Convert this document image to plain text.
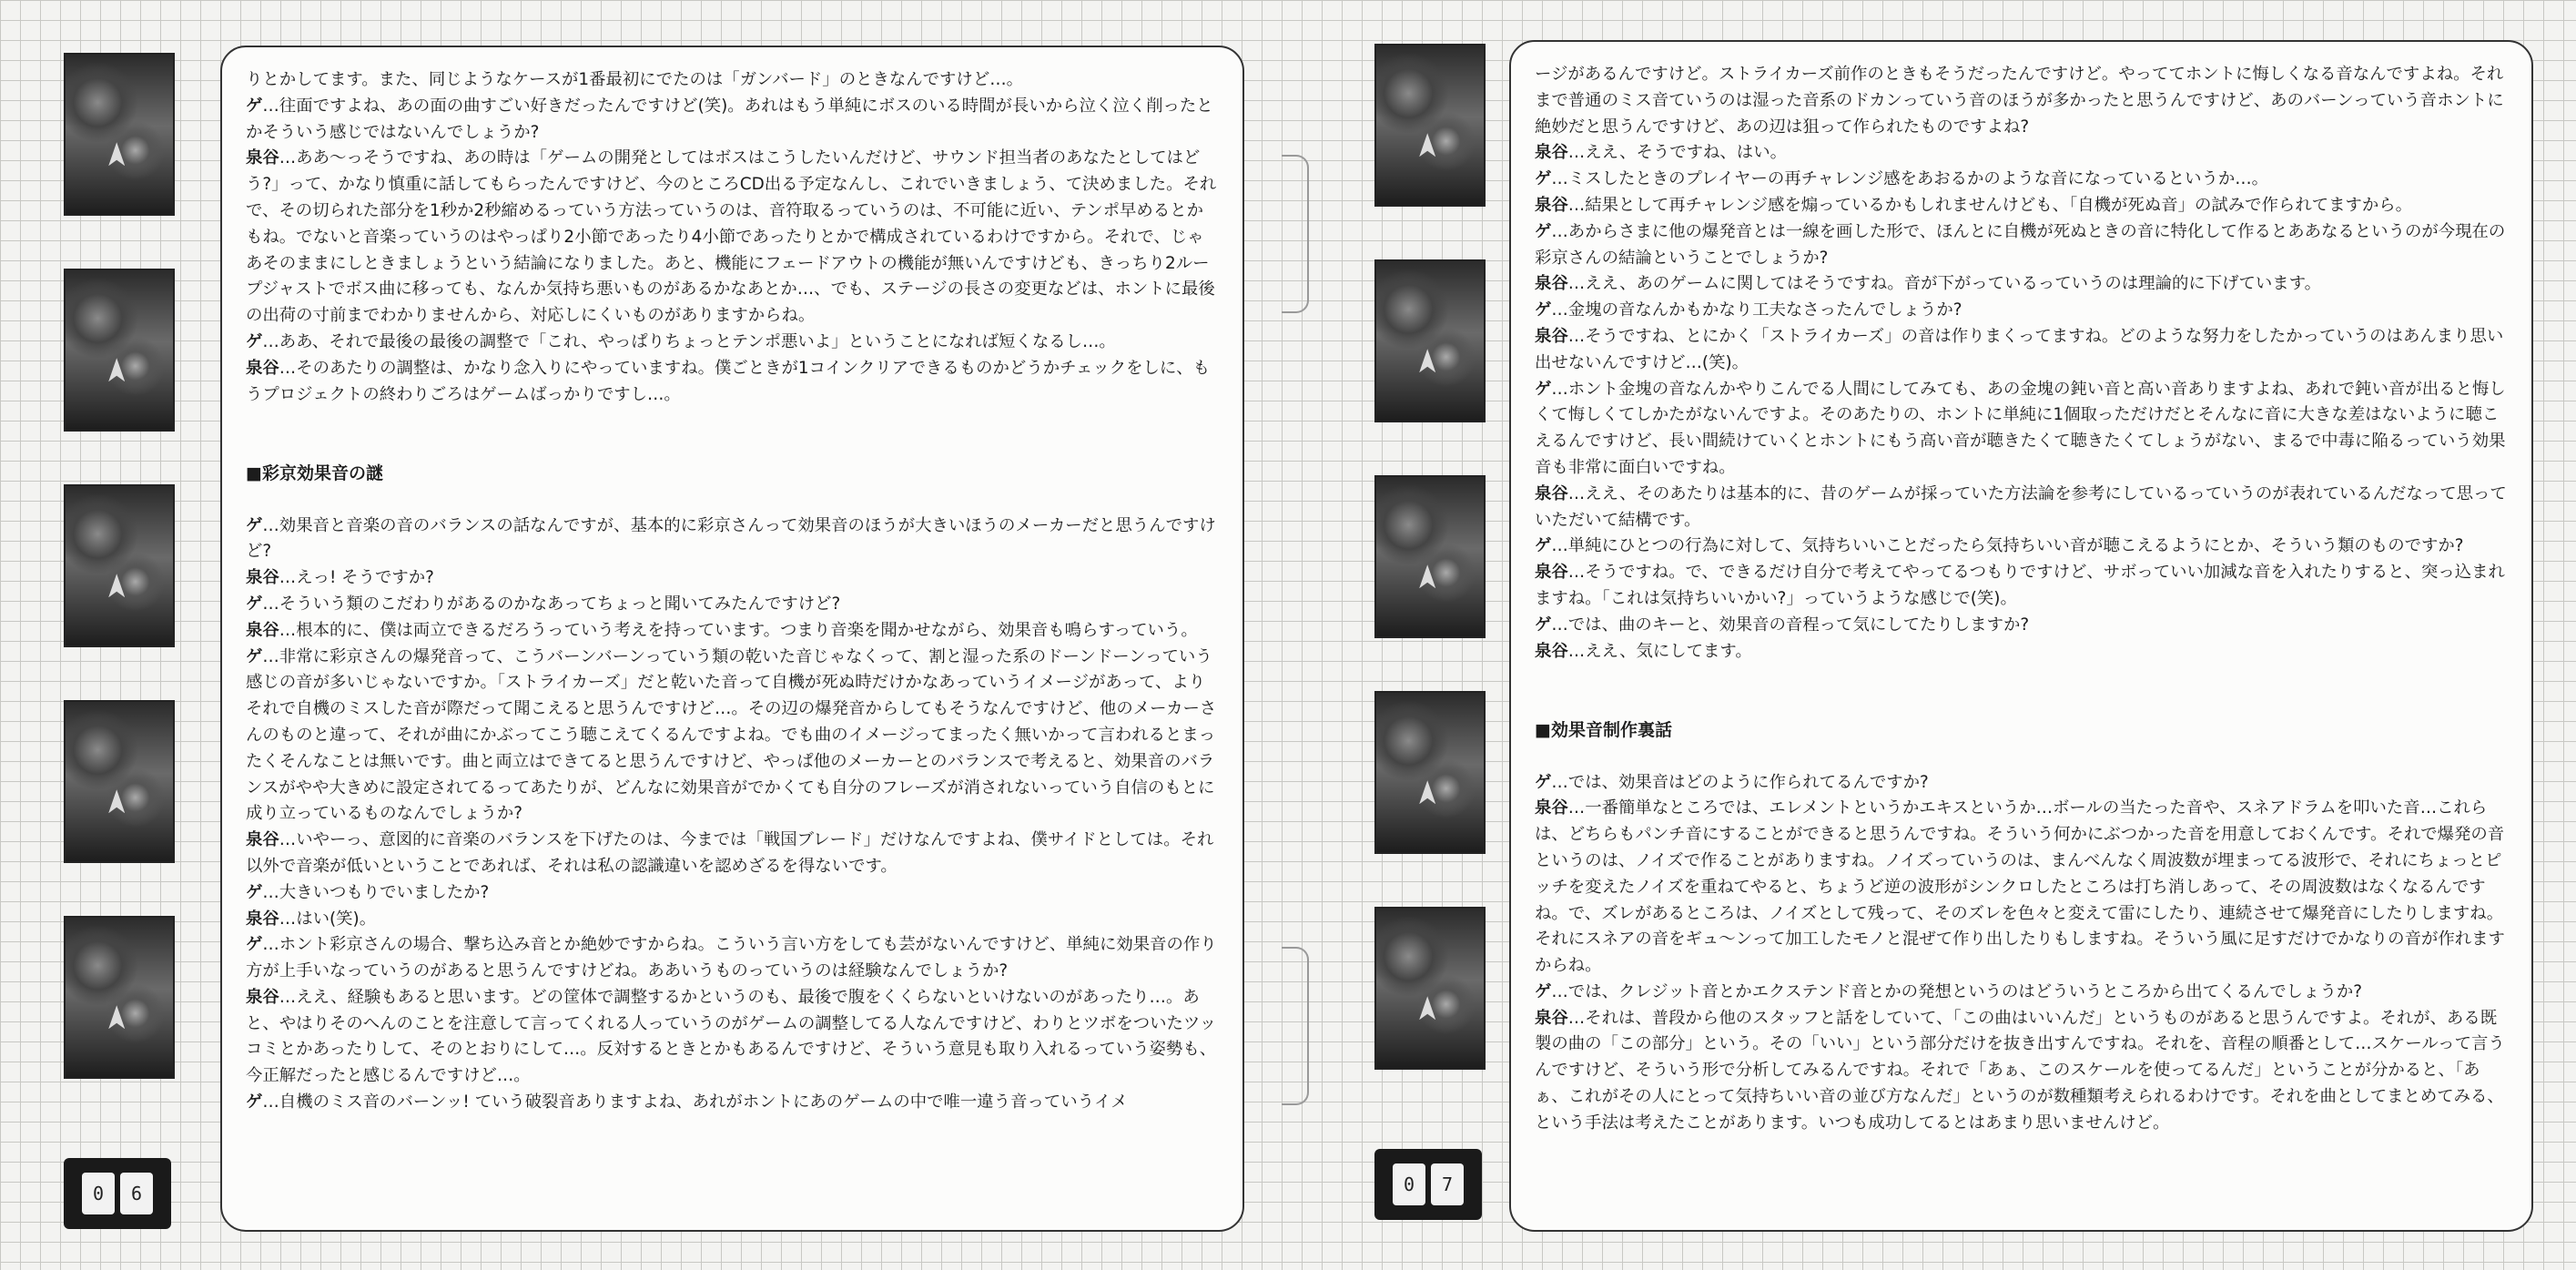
0	6

りとかしてます。また、同じようなケースが1番最初にでたのは「ガンバード」のときなんですけど…。

ゲ…往面ですよね、あの面の曲すごい好きだったんですけど(笑)。あれはもう単純にボスのいる時間が長いから泣く泣く削ったとかそういう感じではないんでしょうか?

泉谷…ああ～っそうですね、あの時は「ゲームの開発としてはボスはこうしたいんだけど、サウンド担当者のあなたとしてはどう?」って、かなり慎重に話してもらったんですけど、今のところCD出る予定なんし、これでいきましょう、て決めました。それで、その切られた部分を1秒か2秒縮めるっていう方法っていうのは、音符取るっていうのは、不可能に近い、テンポ早めるとかもね。でないと音楽っていうのはやっぱり2小節であったり4小節であったりとかで構成されているわけですから。それで、じゃあそのままにしときましょうという結論になりました。あと、機能にフェードアウトの機能が無いんですけども、きっちり2ループジャストでボス曲に移っても、なんか気持ち悪いものがあるかなあとか…、でも、ステージの長さの変更などは、ホントに最後の出荷の寸前までわかりませんから、対応しにくいものがありますからね。

ゲ…ああ、それで最後の最後の調整で「これ、やっぱりちょっとテンポ悪いよ」ということになれば短くなるし…。

泉谷…そのあたりの調整は、かなり念入りにやっていますね。僕ごときが1コインクリアできるものかどうかチェックをしに、もうプロジェクトの終わりごろはゲームばっかりですし…。

■彩京効果音の謎

ゲ…効果音と音楽の音のバランスの話なんですが、基本的に彩京さんって効果音のほうが大きいほうのメーカーだと思うんですけど?

泉谷…えっ! そうですか?

ゲ…そういう類のこだわりがあるのかなあってちょっと聞いてみたんですけど?

泉谷…根本的に、僕は両立できるだろうっていう考えを持っています。つまり音楽を聞かせながら、効果音も鳴らすっていう。

ゲ…非常に彩京さんの爆発音って、こうバーンバーンっていう類の乾いた音じゃなくって、割と湿った系のドーンドーンっていう感じの音が多いじゃないですか。「ストライカーズ」だと乾いた音って自機が死ぬ時だけかなあっていうイメージがあって、よりそれで自機のミスした音が際だって聞こえると思うんですけど…。その辺の爆発音からしてもそうなんですけど、他のメーカーさんのものと違って、それが曲にかぶってこう聴こえてくるんですよね。でも曲のイメージってまったく無いかって言われるとまったくそんなことは無いです。曲と両立はできてると思うんですけど、やっぱ他のメーカーとのバランスで考えると、効果音のバランスがやや大きめに設定されてるってあたりが、どんなに効果音がでかくても自分のフレーズが消されないっていう自信のもとに成り立っているものなんでしょうか?

泉谷…いやーっ、意図的に音楽のバランスを下げたのは、今までは「戦国ブレード」だけなんですよね、僕サイドとしては。それ以外で音楽が低いということであれば、それは私の認識違いを認めざるを得ないです。

ゲ…大きいつもりでいましたか?

泉谷…はい(笑)。

ゲ…ホント彩京さんの場合、撃ち込み音とか絶妙ですからね。こういう言い方をしても芸がないんですけど、単純に効果音の作り方が上手いなっていうのがあると思うんですけどね。ああいうものっていうのは経験なんでしょうか?

泉谷…ええ、経験もあると思います。どの筐体で調整するかというのも、最後で腹をくくらないといけないのがあったり…。あと、やはりそのへんのことを注意して言ってくれる人っていうのがゲームの調整してる人なんですけど、わりとツボをついたツッコミとかあったりして、そのとおりにして…。反対するときとかもあるんですけど、そういう意見も取り入れるっていう姿勢も、今正解だったと感じるんですけど…。

ゲ…自機のミス音のバーンッ! ていう破裂音ありますよね、あれがホントにあのゲームの中で唯一違う音っていうイメ

0	7

ージがあるんですけど。ストライカーズ前作のときもそうだったんですけど。やっててホントに悔しくなる音なんですよね。それまで普通のミス音ていうのは湿った音系のドカンっていう音のほうが多かったと思うんですけど、あのバーンっていう音ホントに絶妙だと思うんですけど、あの辺は狙って作られたものですよね?

泉谷…ええ、そうですね、はい。

ゲ…ミスしたときのプレイヤーの再チャレンジ感をあおるかのような音になっているというか…。

泉谷…結果として再チャレンジ感を煽っているかもしれませんけども、「自機が死ぬ音」の試みで作られてますから。

ゲ…あからさまに他の爆発音とは一線を画した形で、ほんとに自機が死ぬときの音に特化して作るとああなるというのが今現在の彩京さんの結論ということでしょうか?

泉谷…ええ、あのゲームに関してはそうですね。音が下がっているっていうのは理論的に下げています。

ゲ…金塊の音なんかもかなり工夫なさったんでしょうか?

泉谷…そうですね、とにかく「ストライカーズ」の音は作りまくってますね。どのような努力をしたかっていうのはあんまり思い出せないんですけど…(笑)。

ゲ…ホント金塊の音なんかやりこんでる人間にしてみても、あの金塊の鈍い音と高い音ありますよね、あれで鈍い音が出ると悔しくて悔しくてしかたがないんですよ。そのあたりの、ホントに単純に1個取っただけだとそんなに音に大きな差はないように聴こえるんですけど、長い間続けていくとホントにもう高い音が聴きたくて聴きたくてしょうがない、まるで中毒に陥るっていう効果音も非常に面白いですね。

泉谷…ええ、そのあたりは基本的に、昔のゲームが採っていた方法論を参考にしているっていうのが表れているんだなって思っていただいて結構です。

ゲ…単純にひとつの行為に対して、気持ちいいことだったら気持ちいい音が聴こえるようにとか、そういう類のものですか?

泉谷…そうですね。で、できるだけ自分で考えてやってるつもりですけど、サボっていい加減な音を入れたりすると、突っ込まれますね。「これは気持ちいいかい?」っていうような感じで(笑)。

ゲ…では、曲のキーと、効果音の音程って気にしてたりしますか?

泉谷…ええ、気にしてます。

■効果音制作裏話

ゲ…では、効果音はどのように作られてるんですか?

泉谷…一番簡単なところでは、エレメントというかエキスというか…ボールの当たった音や、スネアドラムを叩いた音…これらは、どちらもパンチ音にすることができると思うんですね。そういう何かにぶつかった音を用意しておくんです。それで爆発の音というのは、ノイズで作ることがありますね。ノイズっていうのは、まんべんなく周波数が埋まってる波形で、それにちょっとピッチを変えたノイズを重ねてやると、ちょうど逆の波形がシンクロしたところは打ち消しあって、その周波数はなくなるんですね。で、ズレがあるところは、ノイズとして残って、そのズレを色々と変えて雷にしたり、連続させて爆発音にしたりしますね。それにスネアの音をギュ～ンって加工したモノと混ぜて作り出したりもしますね。そういう風に足すだけでかなりの音が作れますからね。

ゲ…では、クレジット音とかエクステンド音とかの発想というのはどういうところから出てくるんでしょうか?

泉谷…それは、普段から他のスタッフと話をしていて、「この曲はいいんだ」というものがあると思うんですよ。それが、ある既製の曲の「この部分」という。その「いい」という部分だけを抜き出すんですね。それを、音程の順番として…スケールって言うんですけど、そういう形で分析してみるんですね。それで「あぁ、このスケールを使ってるんだ」ということが分かると、「あぁ、これがその人にとって気持ちいい音の並び方なんだ」というのが数種類考えられるわけです。それを曲としてまとめてみる、という手法は考えたことがあります。いつも成功してるとはあまり思いませんけど。
